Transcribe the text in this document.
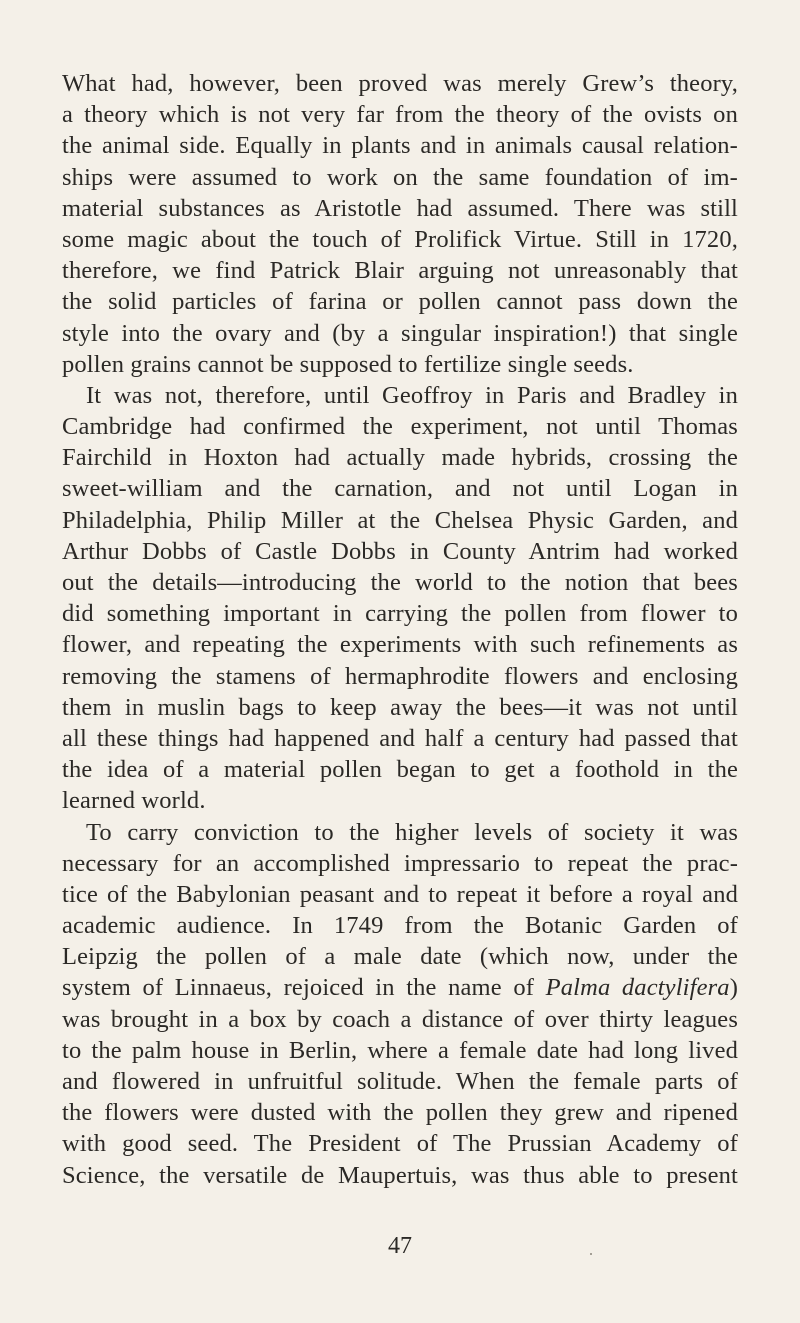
What had, however, been proved was merely Grew’s theory,
a theory which is not very far from the theory of the ovists on
the animal side. Equally in plants and in animals causal relation-
ships were assumed to work on the same foundation of im-
material substances as Aristotle had assumed. There was still
some magic about the touch of Prolifick Virtue. Still in 1720,
therefore, we find Patrick Blair arguing not unreasonably that
the solid particles of farina or pollen cannot pass down the
style into the ovary and (by a singular inspiration!) that single
pollen grains cannot be supposed to fertilize single seeds.
It was not, therefore, until Geoffroy in Paris and Bradley in
Cambridge had confirmed the experiment, not until Thomas
Fairchild in Hoxton had actually made hybrids, crossing the
sweet-william and the carnation, and not until Logan in
Philadelphia, Philip Miller at the Chelsea Physic Garden, and
Arthur Dobbs of Castle Dobbs in County Antrim had worked
out the details—introducing the world to the notion that bees
did something important in carrying the pollen from flower to
flower, and repeating the experiments with such refinements as
removing the stamens of hermaphrodite flowers and enclosing
them in muslin bags to keep away the bees—it was not until
all these things had happened and half a century had passed that
the idea of a material pollen began to get a foothold in the
learned world.
To carry conviction to the higher levels of society it was
necessary for an accomplished impressario to repeat the prac-
tice of the Babylonian peasant and to repeat it before a royal and
academic audience. In 1749 from the Botanic Garden of
Leipzig the pollen of a male date (which now, under the
system of Linnaeus, rejoiced in the name of Palma dactylifera)
was brought in a box by coach a distance of over thirty leagues
to the palm house in Berlin, where a female date had long lived
and flowered in unfruitful solitude. When the female parts of
the flowers were dusted with the pollen they grew and ripened
with good seed. The President of The Prussian Academy of
Science, the versatile de Maupertuis, was thus able to present
47
